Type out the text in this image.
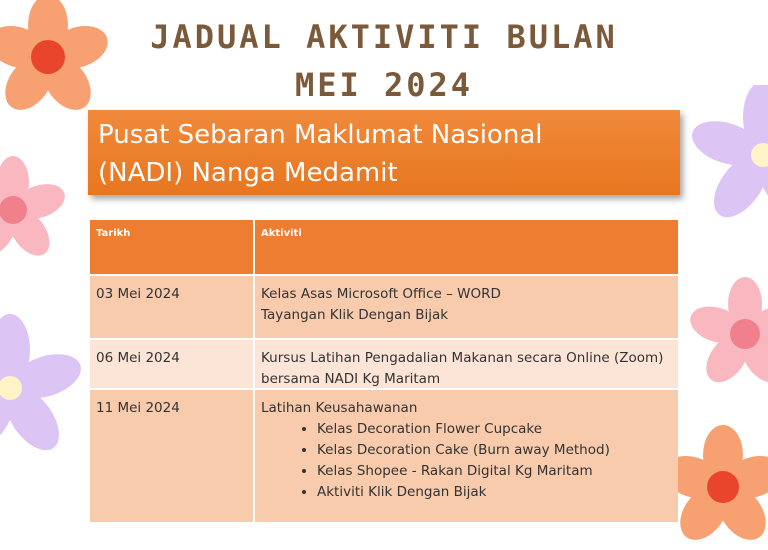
JADUAL AKTIVITI BULAN
MEI 2024
Pusat Sebaran Maklumat Nasional
(NADI) Nanga Medamit
Tarikh	Aktiviti
03 Mei 2024	Kelas Asas Microsoft Office – WORD
Tayangan Klik Dengan Bijak
06 Mei 2024	Kursus Latihan Pengadalian Makanan secara Online (Zoom)
bersama NADI Kg Maritam
11 Mei 2024	Latihan Keusahawanan
• Kelas Decoration Flower Cupcake
• Kelas Decoration Cake (Burn away Method)
• Kelas Shopee - Rakan Digital Kg Maritam
• Aktiviti Klik Dengan Bijak
